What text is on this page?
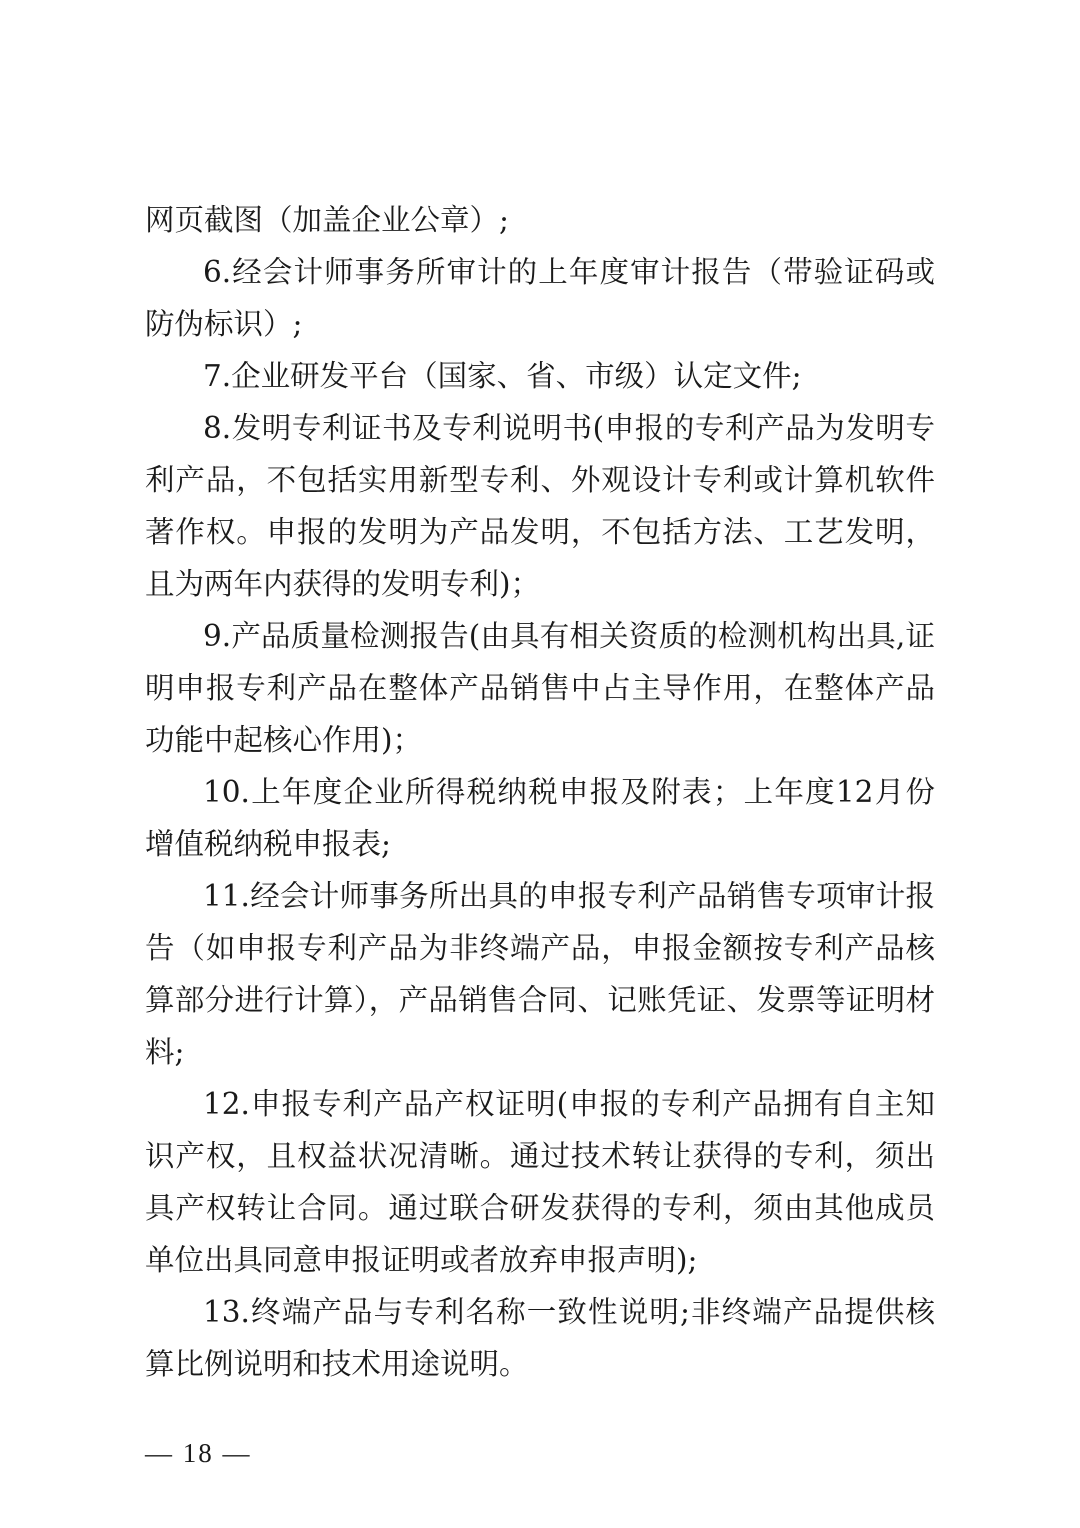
网页截图（加盖企业公章）;

6.经会计师事务所审计的上年度审计报告（带验证码或防伪标识）;

7.企业研发平台（国家、省、市级）认定文件;

8.发明专利证书及专利说明书(申报的专利产品为发明专利产品，不包括实用新型专利、外观设计专利或计算机软件著作权。申报的发明为产品发明，不包括方法、工艺发明，且为两年内获得的发明专利)；

9.产品质量检测报告(由具有相关资质的检测机构出具,证明申报专利产品在整体产品销售中占主导作用，在整体产品功能中起核心作用)；

10.上年度企业所得税纳税申报及附表；上年度12月份增值税纳税申报表;

11.经会计师事务所出具的申报专利产品销售专项审计报告（如申报专利产品为非终端产品，申报金额按专利产品核算部分进行计算），产品销售合同、记账凭证、发票等证明材料;

12.申报专利产品产权证明(申报的专利产品拥有自主知识产权，且权益状况清晰。通过技术转让获得的专利，须出具产权转让合同。通过联合研发获得的专利，须由其他成员单位出具同意申报证明或者放弃申报声明);

13.终端产品与专利名称一致性说明;非终端产品提供核算比例说明和技术用途说明。

— 18 —
